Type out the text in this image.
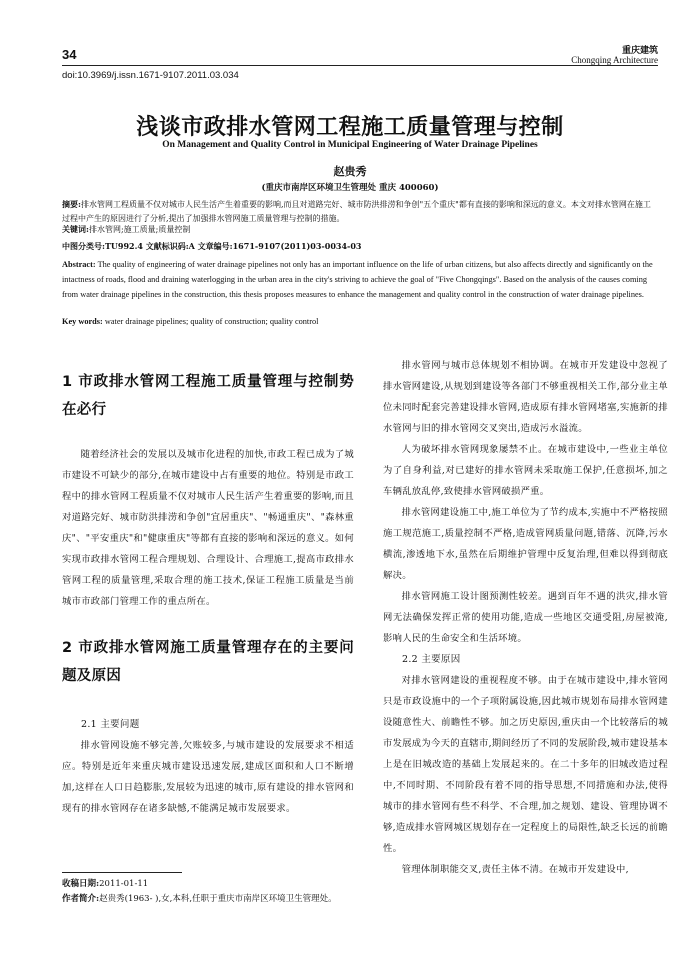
34	重庆建筑
Chongqing Architecture
doi:10.3969/j.issn.1671-9107.2011.03.034
浅谈市政排水管网工程施工质量管理与控制
On Management and Quality Control in Municipal Engineering of Water Drainage Pipelines
赵贵秀
(重庆市南岸区环境卫生管理处 重庆 400060)
摘要:排水管网工程质量不仅对城市人民生活产生着重要的影响,而且对道路完好、城市防洪排涝和争创"五个重庆"都有直接的影响和深远的意义。本文对排水管网在施工过程中产生的原因进行了分析,提出了加强排水管网施工质量管理与控制的措施。
关键词:排水管网;施工质量;质量控制
中图分类号:TU992.4 文献标识码:A 文章编号:1671-9107(2011)03-0034-03
Abstract: The quality of engineering of water drainage pipelines not only has an important influence on the life of urban citizens, but also affects directly and significantly on the intactness of roads, flood and draining waterlogging in the urban area in the city's striving to achieve the goal of "Five Chongqings". Based on the analysis of the causes coming from water drainage pipelines in the construction, this thesis proposes measures to enhance the management and quality control in the construction of water drainage pipelines.
Key words: water drainage pipelines; quality of construction; quality control
1 市政排水管网工程施工质量管理与控制势在必行

随着经济社会的发展以及城市化进程的加快,市政工程已成为了城市建设不可缺少的部分,在城市建设中占有重要的地位。特别是市政工程中的排水管网工程质量不仅对城市人民生活产生着重要的影响,而且对道路完好、城市防洪排涝和争创"宜居重庆"、"畅通重庆"、"森林重庆"、"平安重庆"和"健康重庆"等都有直接的影响和深远的意义。如何实现市政排水管网工程合理规划、合理设计、合理施工,提高市政排水管网工程的质量管理,采取合理的施工技术,保证工程施工质量是当前城市市政部门管理工作的重点所在。

2 市政排水管网施工质量管理存在的主要问题及原因

2.1 主要问题

排水管网设施不够完善,欠账较多,与城市建设的发展要求不相适应。特别是近年来重庆城市建设迅速发展,建成区面积和人口不断增加,这样在人口日趋膨胀,发展较为迅速的城市,原有建设的排水管网和现有的排水管网存在诸多缺憾,不能满足城市发展要求。

收稿日期:2011-01-11
作者简介:赵贵秀(1963- ),女,本科,任职于重庆市南岸区环境卫生管理处。

排水管网与城市总体规划不相协调。在城市开发建设中忽视了排水管网建设,从规划到建设等各部门不够重视相关工作,部分业主单位未同时配套完善建设排水管网,造成原有排水管网堵塞,实施新的排水管网与旧的排水管网交叉突出,造成污水溢流。

人为破坏排水管网现象屡禁不止。在城市建设中,一些业主单位为了自身利益,对已建好的排水管网未采取施工保护,任意损坏,加之车辆乱放乱停,致使排水管网破损严重。

排水管网建设施工中,施工单位为了节约成本,实施中不严格按照施工规范施工,质量控制不严格,造成管网质量问题,错落、沉降,污水横流,渗透地下水,虽然在后期维护管理中反复治理,但难以得到彻底解决。

排水管网施工设计图预测性较差。遇到百年不遇的洪灾,排水管网无法确保发挥正常的使用功能,造成一些地区交通受阻,房屋被淹,影响人民的生命安全和生活环境。

2.2 主要原因

对排水管网建设的重视程度不够。由于在城市建设中,排水管网只是市政设施中的一个子项附属设施,因此城市规划布局排水管网建设随意性大、前瞻性不够。加之历史原因,重庆由一个比较落后的城市发展成为今天的直辖市,期间经历了不同的发展阶段,城市建设基本上是在旧城改造的基础上发展起来的。在二十多年的旧城改造过程中,不同时期、不同阶段有着不同的指导思想,不同措施和办法,使得城市的排水管网有些不科学、不合理,加之规划、建设、管理协调不够,造成排水管网城区规划存在一定程度上的局限性,缺乏长远的前瞻性。

管理体制职能交叉,责任主体不清。在城市开发建设中,
